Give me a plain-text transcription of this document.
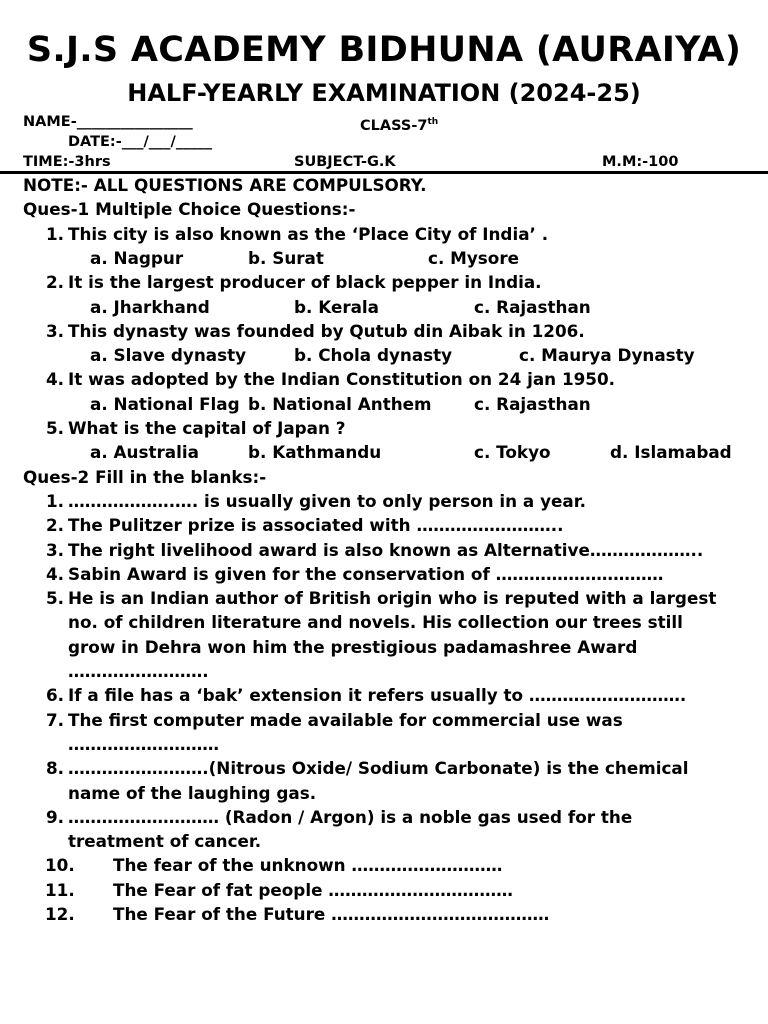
S.J.S ACADEMY BIDHUNA (AURAIYA)
HALF-YEARLY EXAMINATION (2024-25)
NAME-________________	CLASS-7th
DATE:-___/___/_____
TIME:-3hrs	SUBJECT-G.K	M.M:-100
NOTE:- ALL QUESTIONS ARE COMPULSORY.
Ques-1 Multiple Choice Questions:-
1. This city is also known as the ‘Place City of India’ .
a. Nagpur	b. Surat	c. Mysore
2. It is the largest producer of black pepper in India.
a. Jharkhand	b. Kerala	c. Rajasthan
3. This dynasty was founded by Qutub din Aibak in 1206.
a. Slave dynasty	b. Chola dynasty	c. Maurya Dynasty
4. It was adopted by the Indian Constitution on 24 jan 1950.
a. National Flag b. National Anthem	c. Rajasthan
5. What is the capital of Japan ?
a. Australia	b. Kathmandu	c. Tokyo	d. Islamabad
Ques-2 Fill in the blanks:-
1. ……………….…. is usually given to only person in a year.
2. The Pulitzer prize is associated with ……………………..
3. The right livelihood award is also known as Alternative………………..
4. Sabin Award is given for the conservation of …………………………
5. He is an Indian author of British origin who is reputed with a largest
no. of children literature and novels. His collection our trees still
grow in Dehra won him the prestigious padamashree Award
…………………….
6. If a file has a ‘bak’ extension it refers usually to ……………………….
7. The first computer made available for commercial use was
………………………
8. …………………….(Nitrous Oxide/ Sodium Carbonate) is the chemical
name of the laughing gas.
9. ……………………… (Radon / Argon) is a noble gas used for the
treatment of cancer.
10. The fear of the unknown ………………………
11. The Fear of fat people ……………………………
12. The Fear of the Future …………………………………
